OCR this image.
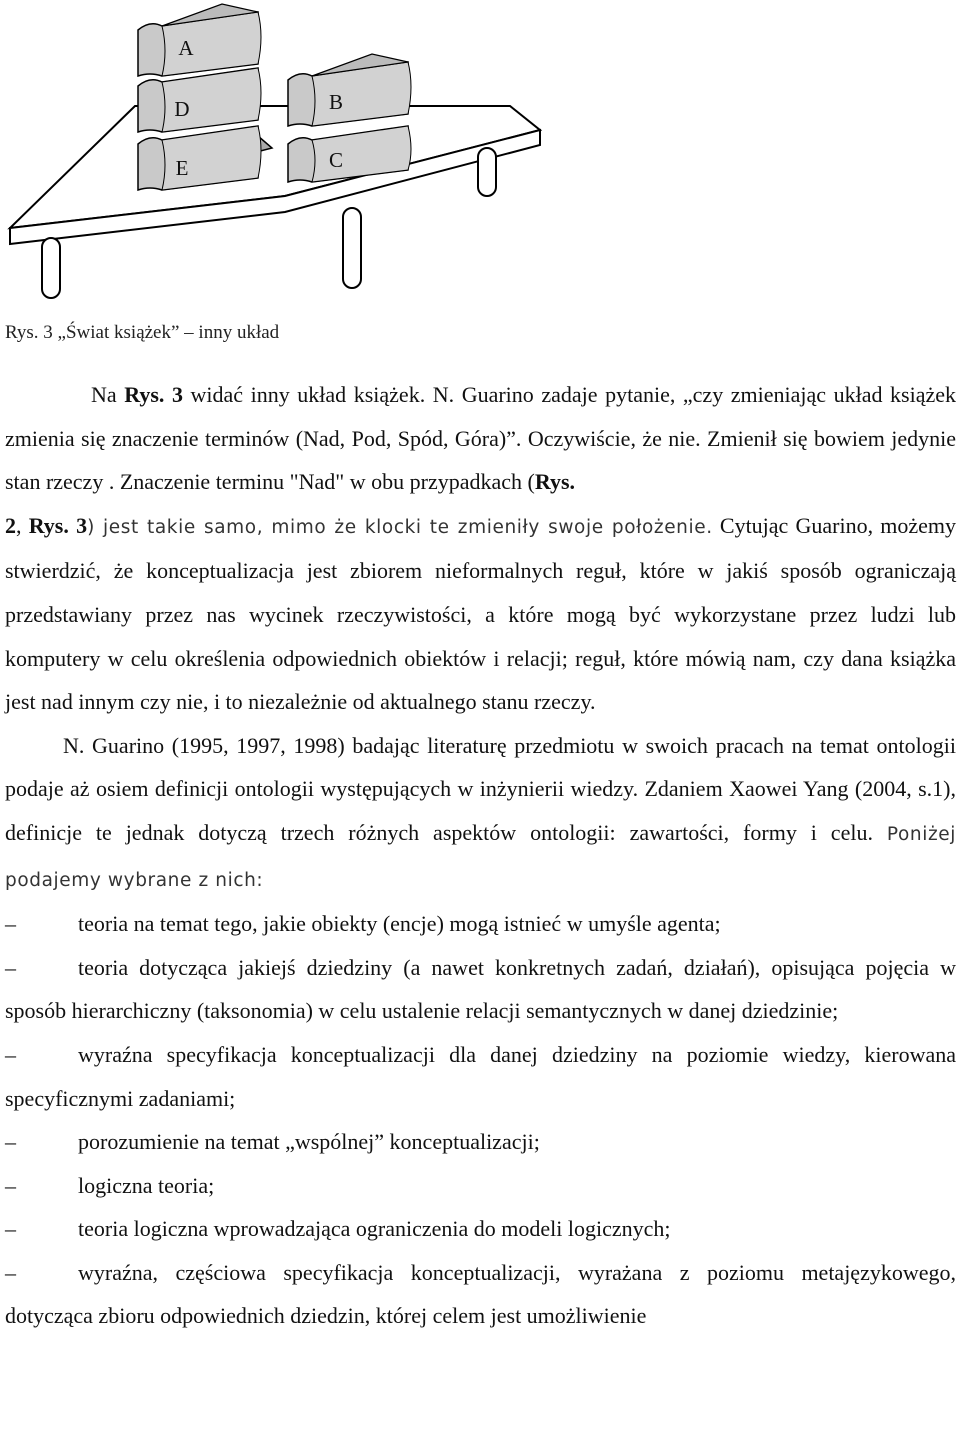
E
D
A
C
B
Rys. 3 „Świat książek” – inny układ

Na Rys. 3 widać inny układ książek. N. Guarino zadaje pytanie, „czy zmieniając układ książek zmienia się znaczenie terminów (Nad, Pod, Spód, Góra)”. Oczywiście, że nie. Zmienił się bowiem jedynie stan rzeczy . Znaczenie terminu "Nad" w obu przypadkach (Rys.
2, Rys. 3) jest takie samo, mimo że klocki te zmieniły swoje położenie. Cytując Guarino, możemy stwierdzić, że konceptualizacja jest zbiorem nieformalnych reguł, które w jakiś sposób ograniczają przedstawiany przez nas wycinek rzeczywistości, a które mogą być wykorzystane przez ludzi lub komputery w celu określenia odpowiednich obiektów i relacji; reguł, które mówią nam, czy dana książka jest nad innym czy nie, i to niezależnie od aktualnego stanu rzeczy.

N. Guarino (1995, 1997, 1998) badając literaturę przedmiotu w swoich pracach na temat ontologii podaje aż osiem definicji ontologii występujących w inżynierii wiedzy. Zdaniem Xaowei Yang (2004, s.1), definicje te jednak dotyczą trzech różnych aspektów ontologii: zawartości, formy i celu. Poniżej podajemy wybrane z nich:

–	teoria na temat tego, jakie obiekty (encje) mogą istnieć w umyśle agenta;

–	teoria dotycząca jakiejś dziedziny (a nawet konkretnych zadań, działań), opisująca pojęcia w sposób hierarchiczny (taksonomia) w celu ustalenie relacji semantycznych w danej dziedzinie;

–	wyraźna specyfikacja konceptualizacji dla danej dziedziny na poziomie wiedzy, kierowana specyficznymi zadaniami;

–	porozumienie na temat „wspólnej” konceptualizacji;

–	logiczna teoria;

–	teoria logiczna wprowadzająca ograniczenia do modeli logicznych;

–	wyraźna, częściowa specyfikacja konceptualizacji, wyrażana z poziomu metajęzykowego, dotycząca zbioru odpowiednich dziedzin, której celem jest umożliwienie
